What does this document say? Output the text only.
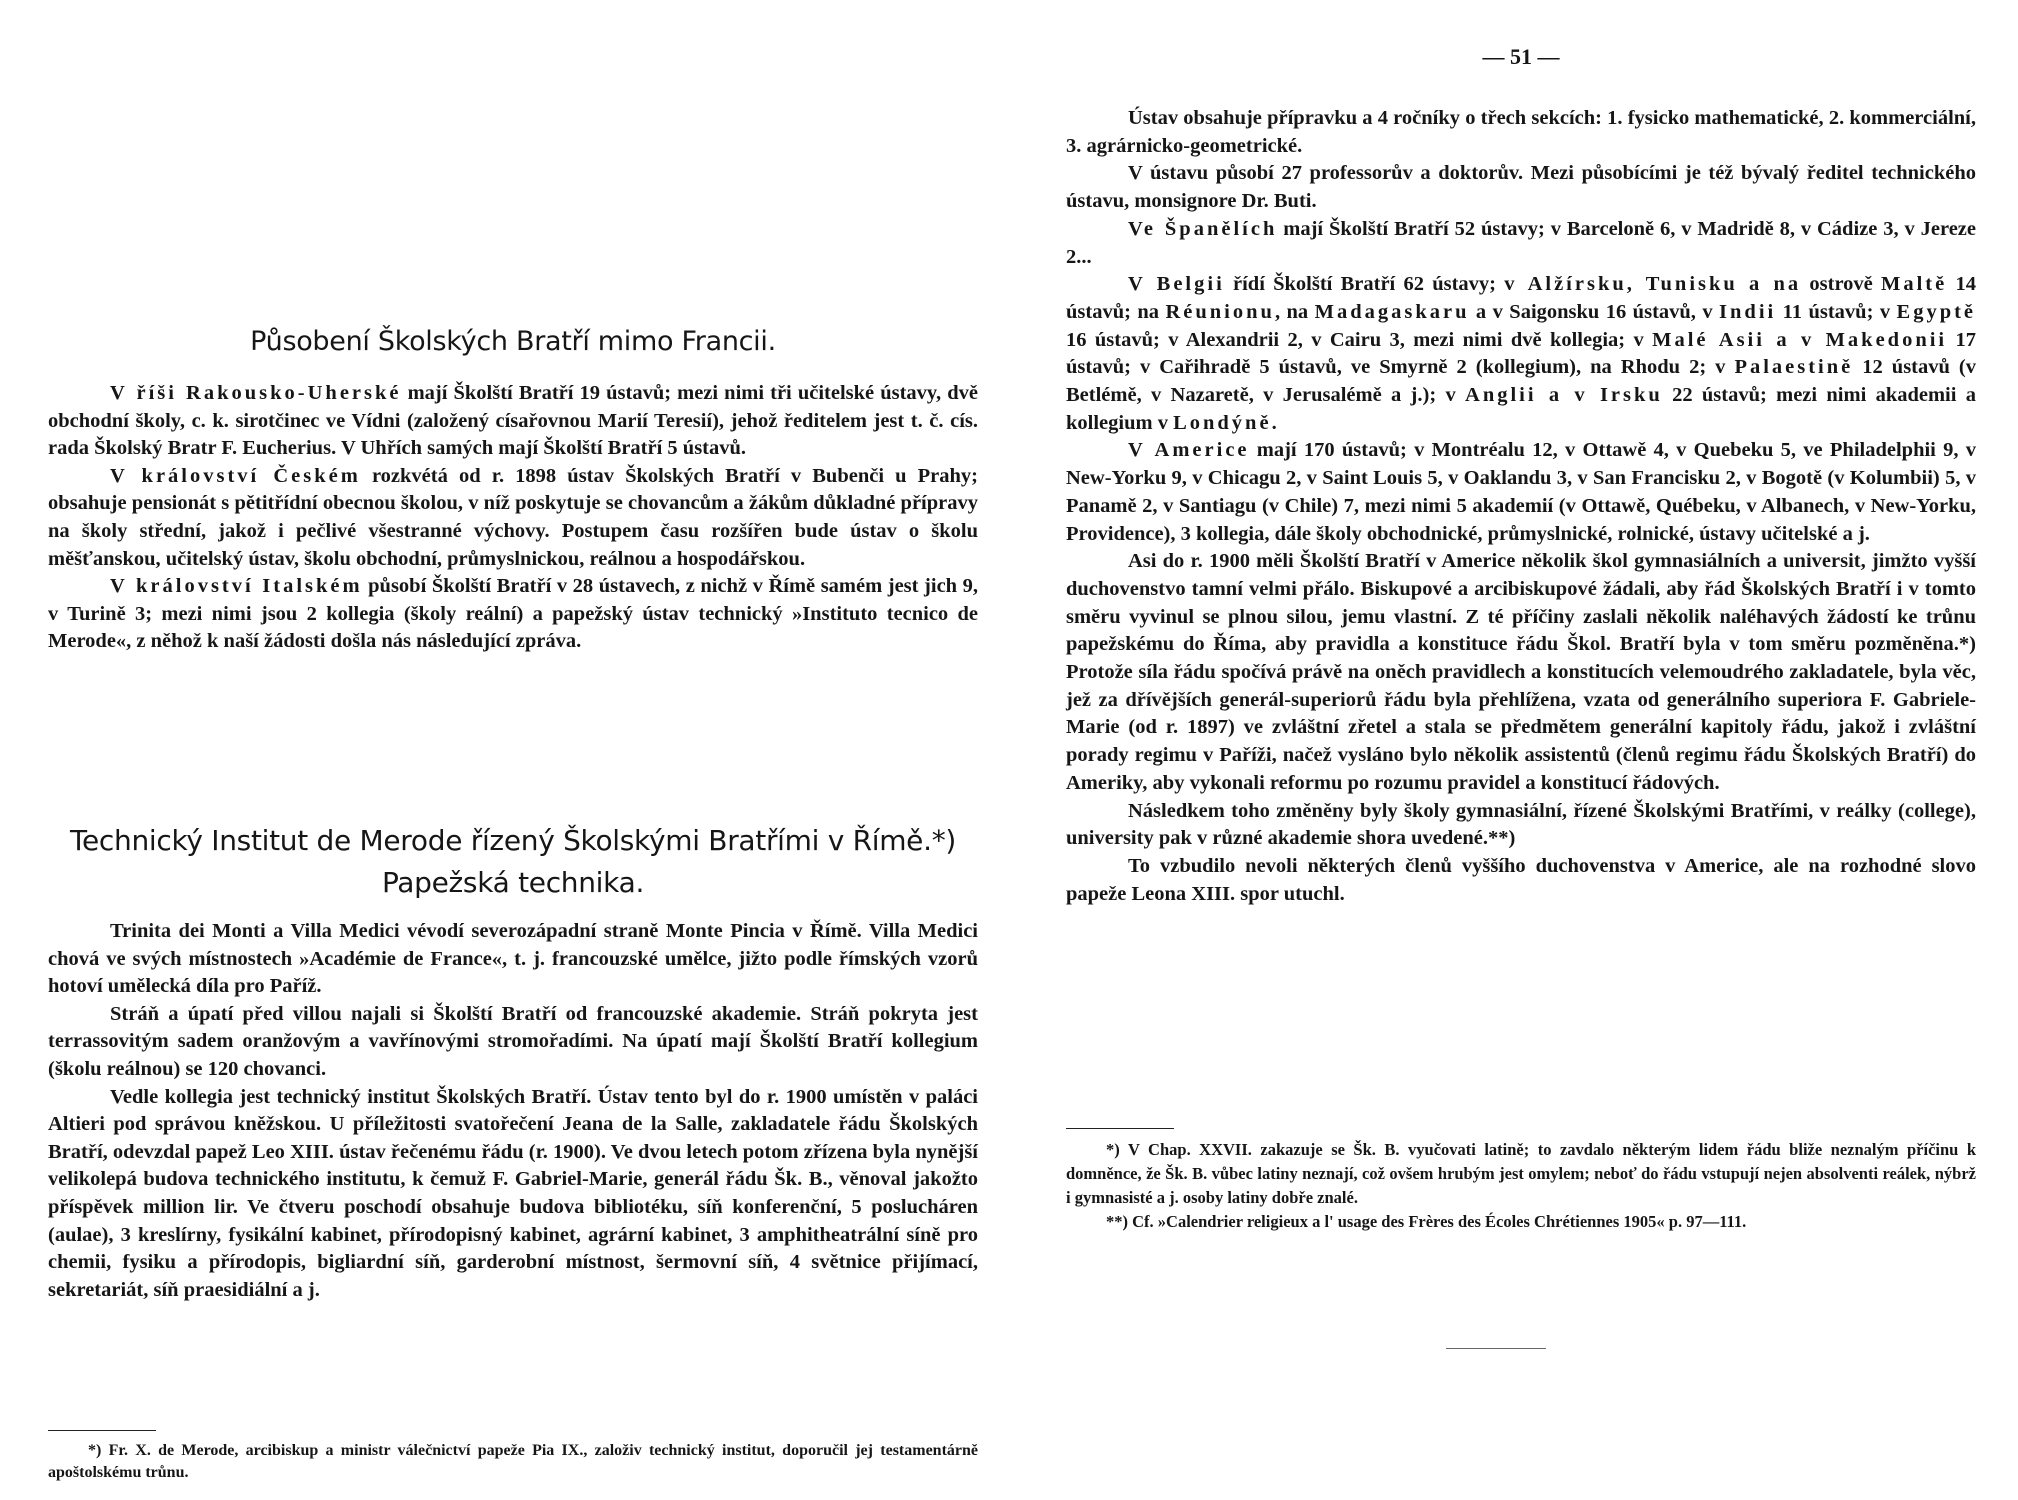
Působení Školských Bratří mimo Francii.

V říši Rakousko-Uherské mají Školští Bratří 19 ústavů; mezi nimi tři učitelské ústavy, dvě obchodní školy, c. k. sirotčinec ve Vídni (založený císařovnou Marií Teresií), jehož ředitelem jest t. č. cís. rada Školský Bratr F. Eucherius. V Uhřích samých mají Školští Bratří 5 ústavů.

V království Českém rozkvétá od r. 1898 ústav Školských Bratří v Bubenči u Prahy; obsahuje pensionát s pětitřídní obecnou školou, v níž poskytuje se chovancům a žákům důkladné přípravy na školy střední, jakož i pečlivé všestranné výchovy. Postupem času rozšířen bude ústav o školu měšťanskou, učitelský ústav, školu obchodní, průmyslnickou, reálnou a hospodářskou.

V království Italském působí Školští Bratří v 28 ústavech, z nichž v Římě samém jest jich 9, v Turině 3; mezi nimi jsou 2 kollegia (školy reální) a papežský ústav technický »Instituto tecnico de Merode«, z něhož k naší žádosti došla nás následující zpráva.

Technický Institut de Merode řízený Školskými Bratřími v Římě.*)
Papežská technika.

Trinita dei Monti a Villa Medici vévodí severozápadní straně Monte Pincia v Římě. Villa Medici chová ve svých místnostech »Académie de France«, t. j. francouzské umělce, jižto podle římských vzorů hotoví umělecká díla pro Paříž.

Stráň a úpatí před villou najali si Školští Bratří od francouzské akademie. Stráň pokryta jest terrassovitým sadem oranžovým a vavřínovými stromořadími. Na úpatí mají Školští Bratří kollegium (školu reálnou) se 120 chovanci.

Vedle kollegia jest technický institut Školských Bratří. Ústav tento byl do r. 1900 umístěn v paláci Altieri pod správou kněžskou. U příležitosti svatořečení Jeana de la Salle, zakladatele řádu Školských Bratří, odevzdal papež Leo XIII. ústav řečenému řádu (r. 1900). Ve dvou letech potom zřízena byla nynější velikolepá budova technického institutu, k čemuž F. Gabriel-Marie, generál řádu Šk. B., věnoval jakožto příspěvek million lir. Ve čtveru poschodí obsahuje budova bibliotéku, síň konferenční, 5 poslucháren (aulae), 3 kreslírny, fysikální kabinet, přírodopisný kabinet, agrární kabinet, 3 amphitheatrální síně pro chemii, fysiku a přírodopis, bigliardní síň, garderobní místnost, šermovní síň, 4 světnice přijímací, sekretariát, síň praesidiální a j.

*) Fr. X. de Merode, arcibiskup a ministr válečnictví papeže Pia IX., založiv technický institut, doporučil jej testamentárně apoštolskému trůnu.

— 51 —

Ústav obsahuje přípravku a 4 ročníky o třech sekcích: 1. fysicko mathematické, 2. kommerciální, 3. agrárnicko-geometrické.

V ústavu působí 27 professorův a doktorův. Mezi působícími je též bývalý ředitel technického ústavu, monsignore Dr. Buti.

Ve Španělích mají Školští Bratří 52 ústavy; v Barceloně 6, v Madridě 8, v Cádize 3, v Jereze 2...

V Belgii řídí Školští Bratří 62 ústavy; v Alžírsku, Tunisku a na ostrově Maltě 14 ústavů; na Réunionu, na Madagaskaru a v Saigonsku 16 ústavů, v Indii 11 ústavů; v Egyptě 16 ústavů; v Alexandrii 2, v Cairu 3, mezi nimi dvě kollegia; v Malé Asii a v Makedonii 17 ústavů; v Cařihradě 5 ústavů, ve Smyrně 2 (kollegium), na Rhodu 2; v Palaestině 12 ústavů (v Betlémě, v Nazaretě, v Jerusalémě a j.); v Anglii a v Irsku 22 ústavů; mezi nimi akademii a kollegium v Londýně.

V Americe mají 170 ústavů; v Montréalu 12, v Ottawě 4, v Quebeku 5, ve Philadelphii 9, v New-Yorku 9, v Chicagu 2, v Saint Louis 5, v Oaklandu 3, v San Francisku 2, v Bogotě (v Kolumbii) 5, v Panamě 2, v Santiagu (v Chile) 7, mezi nimi 5 akademií (v Ottawě, Québeku, v Albanech, v New-Yorku, Providence), 3 kollegia, dále školy obchodnické, průmyslnické, rolnické, ústavy učitelské a j.

Asi do r. 1900 měli Školští Bratří v Americe několik škol gymnasiálních a universit, jimžto vyšší duchovenstvo tamní velmi přálo. Biskupové a arcibiskupové žádali, aby řád Školských Bratří i v tomto směru vyvinul se plnou silou, jemu vlastní. Z té příčiny zaslali několik naléhavých žádostí ke trůnu papežskému do Říma, aby pravidla a konstituce řádu Škol. Bratří byla v tom směru pozměněna.*) Protože síla řádu spočívá právě na oněch pravidlech a konstitucích velemoudrého zakladatele, byla věc, jež za dřívějších generál-superiorů řádu byla přehlížena, vzata od generálního superiora F. Gabriele-Marie (od r. 1897) ve zvláštní zřetel a stala se předmětem generální kapitoly řádu, jakož i zvláštní porady regimu v Paříži, načež vysláno bylo několik assistentů (členů regimu řádu Školských Bratří) do Ameriky, aby vykonali reformu po rozumu pravidel a konstitucí řádových.

Následkem toho změněny byly školy gymnasiální, řízené Školskými Bratřími, v reálky (college), university pak v různé akademie shora uvedené.**)

To vzbudilo nevoli některých členů vyššího duchovenstva v Americe, ale na rozhodné slovo papeže Leona XIII. spor utuchl.

*) V Chap. XXVII. zakazuje se Šk. B. vyučovati latině; to zavdalo některým lidem řádu bliže neznalým příčinu k domněnce, že Šk. B. vůbec latiny neznají, což ovšem hrubým jest omylem; neboť do řádu vstupují nejen absolventi reálek, nýbrž i gymnasisté a j. osoby latiny dobře znalé.

**) Cf. »Calendrier religieux a l' usage des Frères des Écoles Chrétiennes 1905« p. 97—111.
